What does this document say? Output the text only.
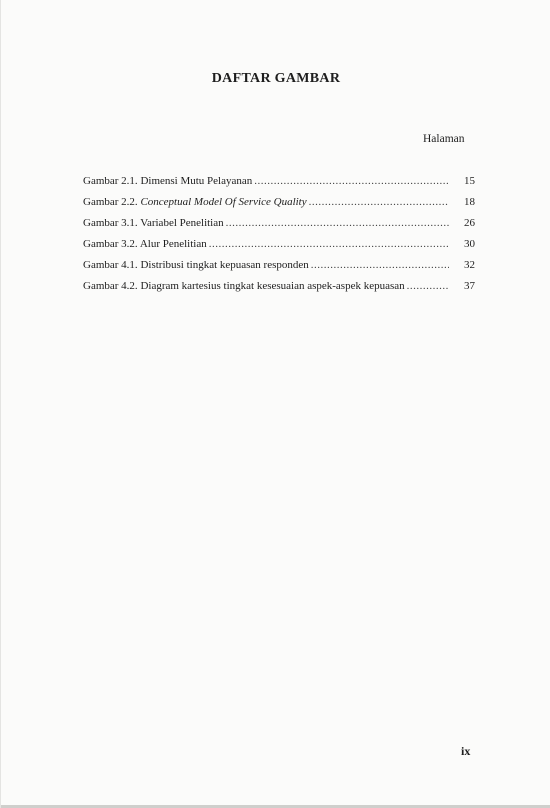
DAFTAR GAMBAR
Halaman
Gambar 2.1. Dimensi Mutu Pelayanan .....	15
Gambar 2.2. Conceptual Model Of Service Quality .....	18
Gambar 3.1. Variabel Penelitian .....	26
Gambar 3.2. Alur Penelitian .....	30
Gambar 4.1. Distribusi tingkat kepuasan responden .....	32
Gambar 4.2. Diagram kartesius tingkat kesesuaian aspek-aspek kepuasan .....	37
ix
